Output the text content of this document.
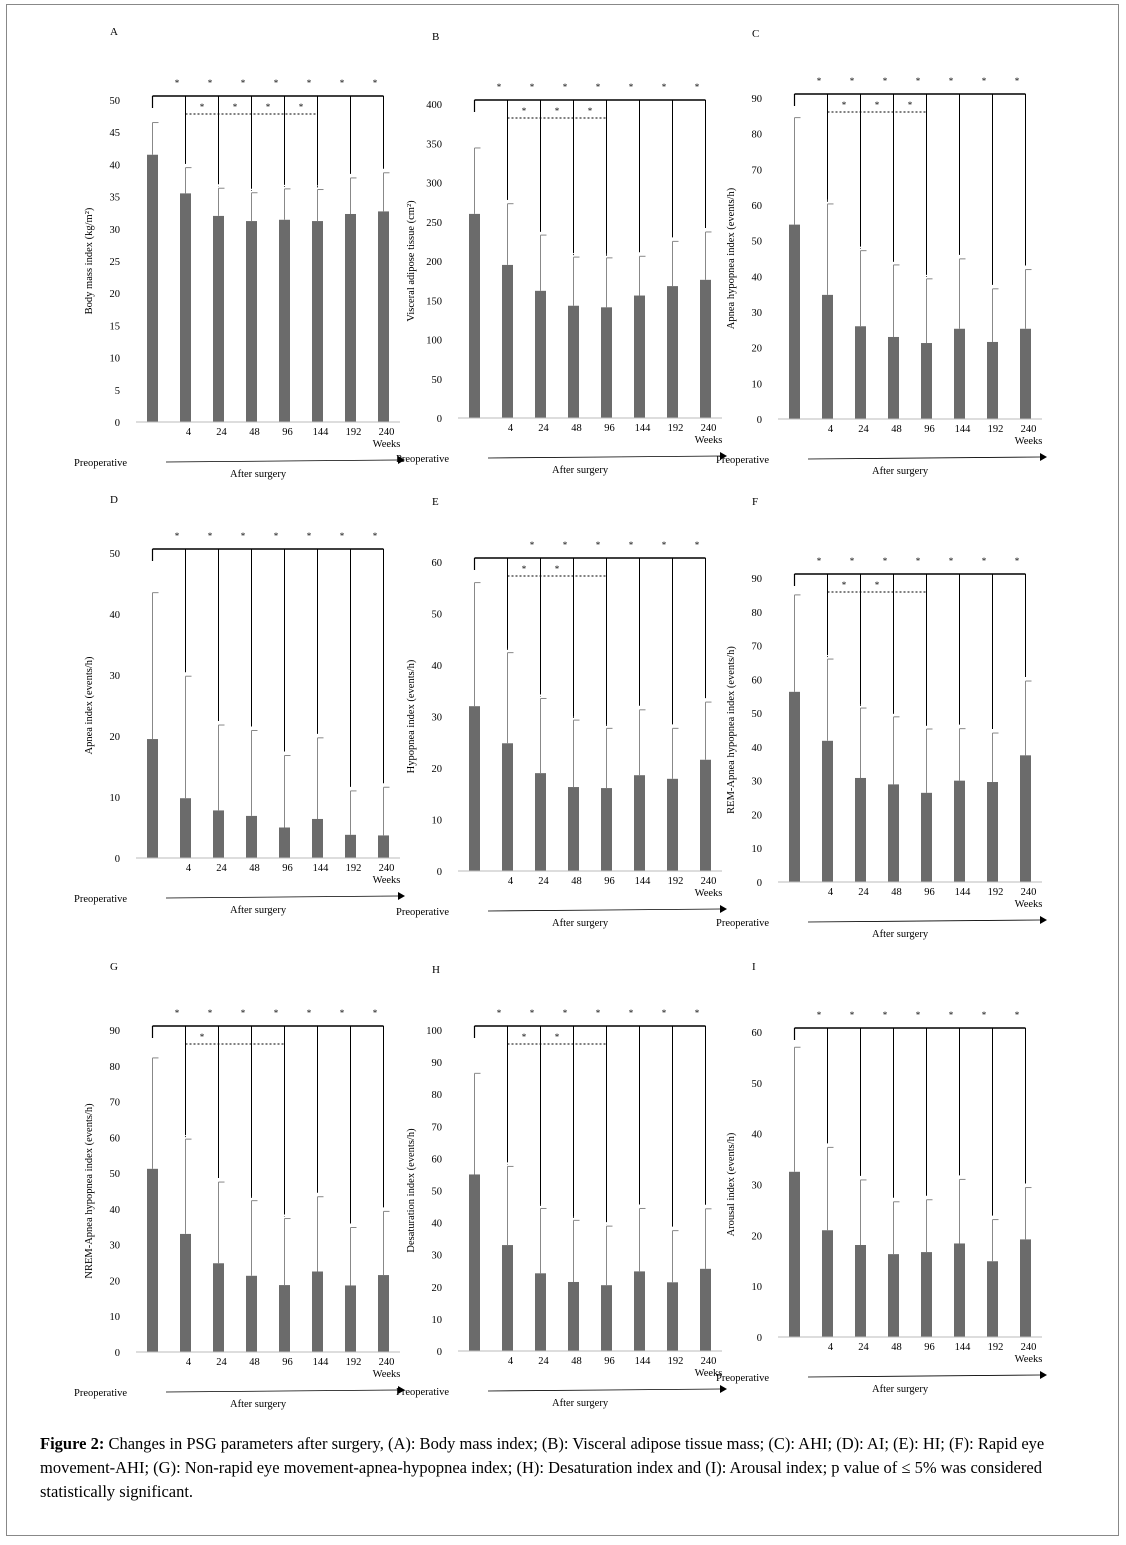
A
0
5
10
15
20
25
30
35
40
45
50
Body mass index (kg/m²)
4 24 48 96 144 192 240
Weeks
Preoperative
After surgery
*	*	*	*	*	*	*
*	*	*	*
B
0
50
100
150
200
250
300
350
400
Visceral adipose tissue (cm²)
4 24 48 96 144 192 240
Weeks
Preoperative
After surgery
*	*	*	*	*	*	*
*	*	*
C
0
10
20
30
40
50
60
70
80
90
Apnea hypopnea index (events/h)
4 24 48 96 144 192 240
Weeks
Preoperative
After surgery
*	*	*	*	*	*	*
*	*	*
D
0
10
20
30
40
50
Apnea index (events/h)
4 24 48 96 144 192 240
Weeks
Preoperative
After surgery
*	*	*	*	*	*	*
E
0
10
20
30
40
50
60
Hypopnea index (events/h)
4 24 48 96 144 192 240
Weeks
Preoperative
After surgery
*	*	*	*	*	*
*	*
F
0
10
20
30
40
50
60
70
80
90
REM-Apnea hypopnea index (events/h)
4 24 48 96 144 192 240
Weeks
Preoperative
After surgery
*	*	*	*	*	*	*
*	*
G
0
10
20
30
40
50
60
70
80
90
NREM-Apnea hypopnea index (events/h)
4 24 48 96 144 192 240
Weeks
Preoperative
After surgery
*	*	*	*	*	*	*
*
H
0
10
20
30
40
50
60
70
80
90
100
Desaturation index (events/h)
4 24 48 96 144 192 240
Weeks
Preoperative
After surgery
*	*	*	*	*	*	*
*	*
I
0
10
20
30
40
50
60
Arousal index (events/h)
4 24 48 96 144 192 240
Weeks
Preoperative
After surgery
*	*	*	*	*	*	*
Figure 2: Changes in PSG parameters after surgery, (A): Body mass index; (B): Visceral adipose tissue mass; (C): AHI; (D): AI; (E): HI; (F): Rapid eye movement-AHI; (G): Non-rapid eye movement-apnea-hypopnea index; (H): Desaturation index and (I): Arousal index; p value of ≤ 5% was considered statistically significant.
